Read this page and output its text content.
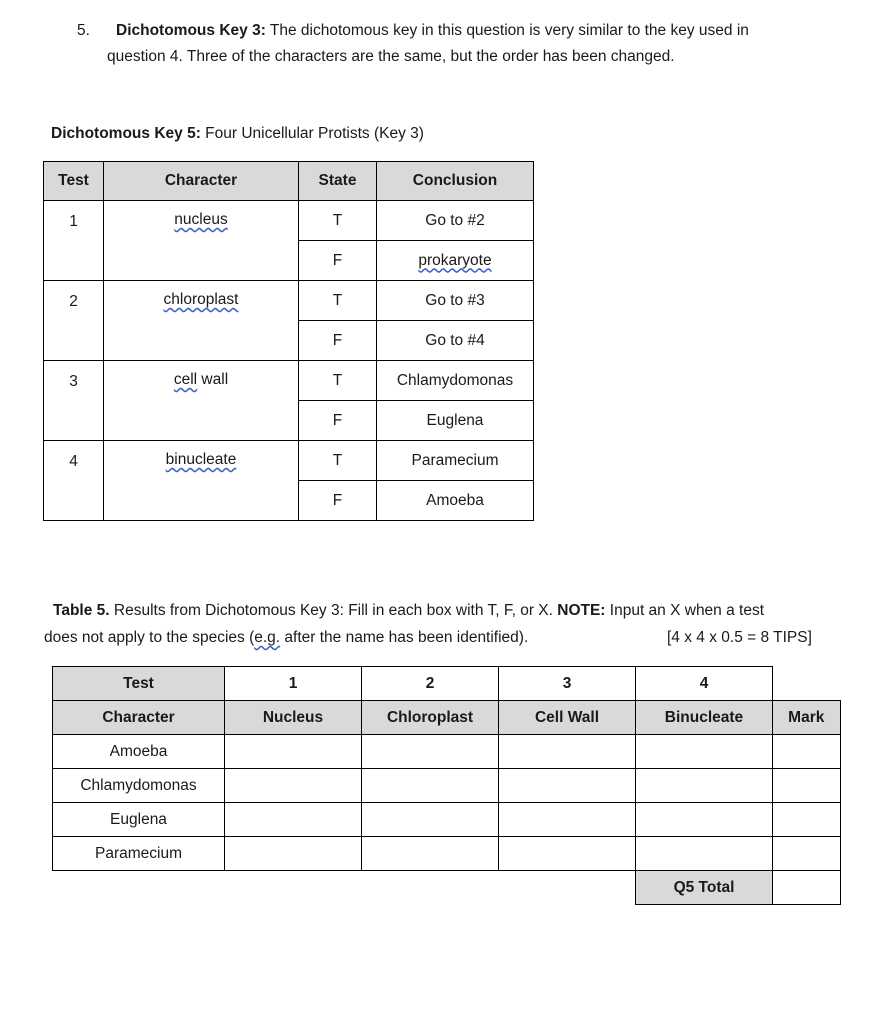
5. Dichotomous Key 3: The dichotomous key in this question is very similar to the key used in
question 4. Three of the characters are the same, but the order has been changed.
Dichotomous Key 5: Four Unicellular Protists (Key 3)
Test	Character	State	Conclusion
1	nucleus	T	Go to #2
		F	prokaryote
2	chloroplast	T	Go to #3
		F	Go to #4
3	cell wall	T	Chlamydomonas
		F	Euglena
4	binucleate	T	Paramecium
		F	Amoeba
Table 5. Results from Dichotomous Key 3: Fill in each box with T, F, or X. NOTE: Input an X when a test
does not apply to the species (e.g. after the name has been identified).	[4 x 4 x 0.5 = 8 TIPS]
Test	1	2	3	4	
Character	Nucleus	Chloroplast	Cell Wall	Binucleate	Mark
Amoeba					
Chlamydomonas					
Euglena					
Paramecium					
				Q5 Total	
